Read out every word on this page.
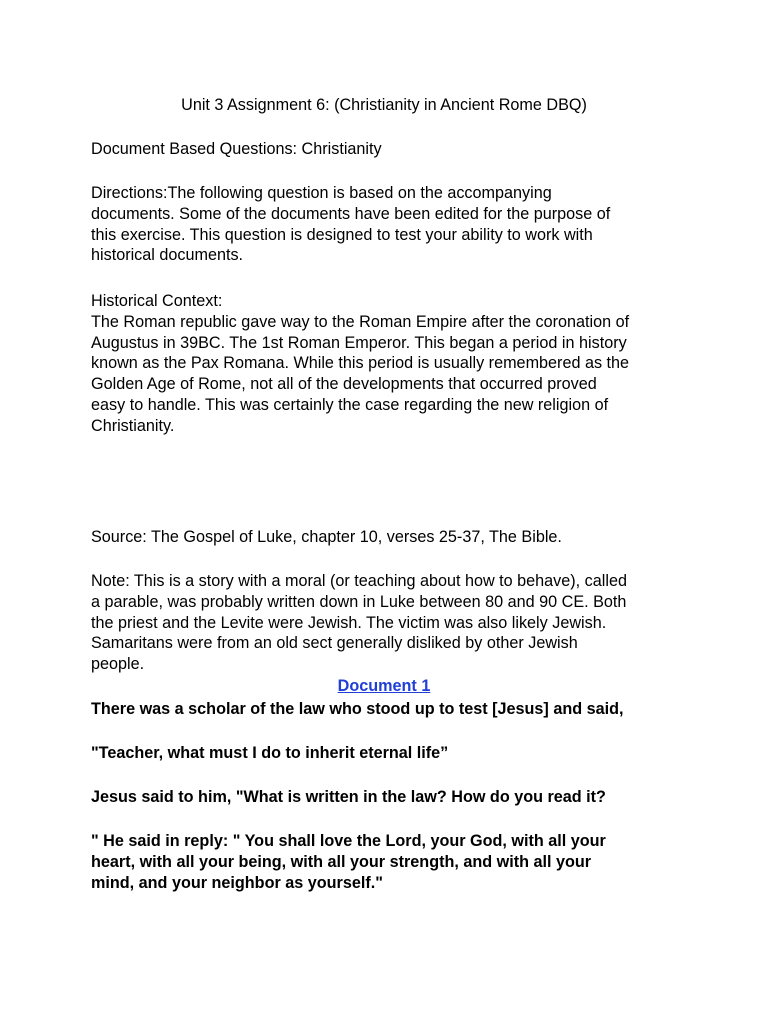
Unit 3 Assignment 6: (Christianity in Ancient Rome DBQ)

Document Based Questions: Christianity

Directions:The following question is based on the accompanying
documents. Some of the documents have been edited for the purpose of
this exercise. This question is designed to test your ability to work with
historical documents.

Historical Context:
The Roman republic gave way to the Roman Empire after the coronation of
Augustus in 39BC. The 1st Roman Emperor. This began a period in history
known as the Pax Romana. While this period is usually remembered as the
Golden Age of Rome, not all of the developments that occurred proved
easy to handle. This was certainly the case regarding the new religion of
Christianity.

Source: The Gospel of Luke, chapter 10, verses 25-37, The Bible.

Note: This is a story with a moral (or teaching about how to behave), called
a parable, was probably written down in Luke between 80 and 90 CE. Both
the priest and the Levite were Jewish. The victim was also likely Jewish.
Samaritans were from an old sect generally disliked by other Jewish
people.

Document 1

There was a scholar of the law who stood up to test [Jesus] and said,

"Teacher, what must I do to inherit eternal life”

Jesus said to him, "What is written in the law? How do you read it?

" He said in reply: " You shall love the Lord, your God, with all your
heart, with all your being, with all your strength, and with all your
mind, and your neighbor as yourself."
